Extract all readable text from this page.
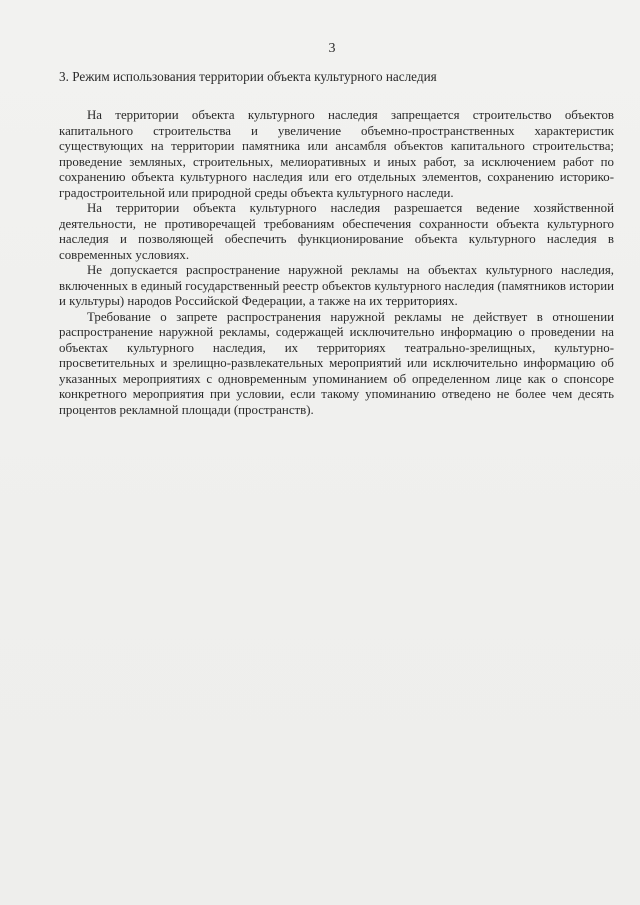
3
3. Режим использования территории объекта культурного наследия

На территории объекта культурного наследия запрещается строительство объектов капитального строительства и увеличение объемно-пространственных характеристик существующих на территории памятника или ансамбля объектов капитального строительства; проведение земляных, строительных, мелиоративных и иных работ, за исключением работ по сохранению объекта культурного наследия или его отдельных элементов, сохранению историко-градостроительной или природной среды объекта культурного наследи.

На территории объекта культурного наследия разрешается ведение хозяйственной деятельности, не противоречащей требованиям обеспечения сохранности объекта культурного наследия и позволяющей обеспечить функционирование объекта культурного наследия в современных условиях.

Не допускается распространение наружной рекламы на объектах культурного наследия, включенных в единый государственный реестр объектов культурного наследия (памятников истории и культуры) народов Российской Федерации, а также на их территориях.

Требование о запрете распространения наружной рекламы не действует в отношении распространение наружной рекламы, содержащей исключительно информацию о проведении на объектах культурного наследия, их территориях театрально-зрелищных, культурно-просветительных и зрелищно-развлекательных мероприятий или исключительно информацию об указанных мероприятиях с одновременным упоминанием об определенном лице как о спонсоре конкретного мероприятия при условии, если такому упоминанию отведено не более чем десять процентов рекламной площади (пространств).
